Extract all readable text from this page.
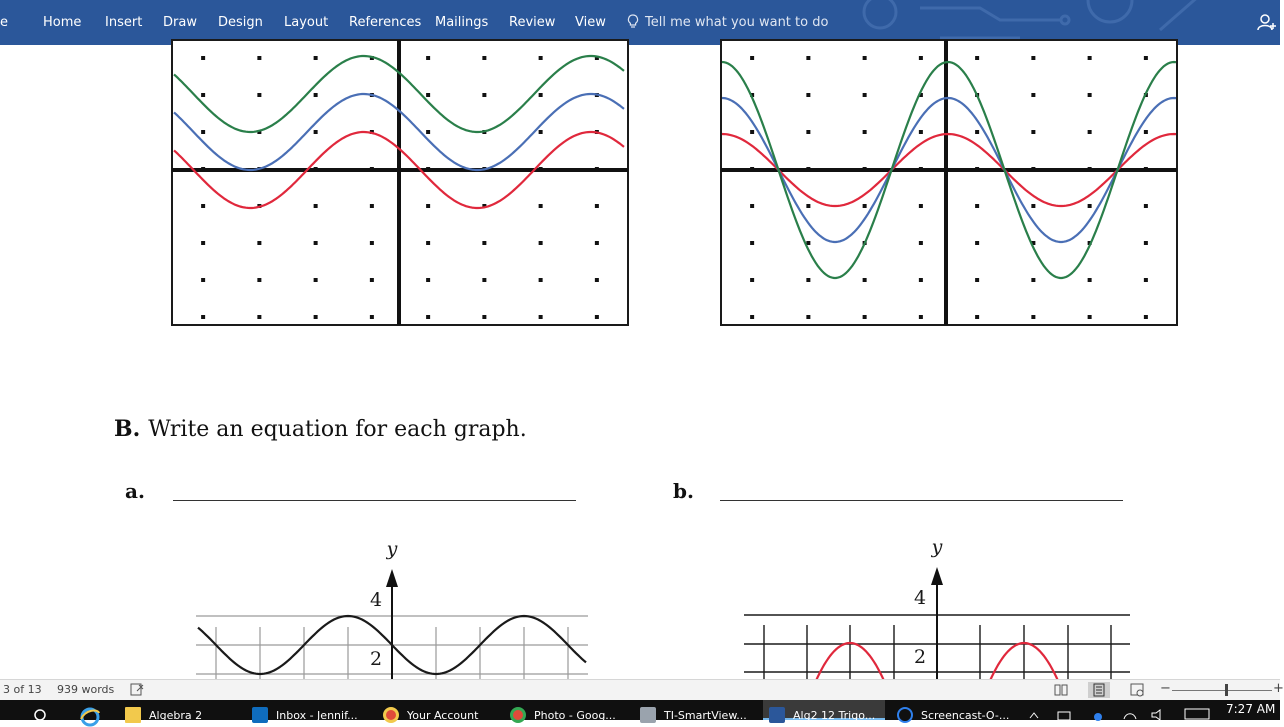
e	Home Insert Draw Design Layout References Mailings Review View	Tell me what you want to do
B. Write an equation for each graph.
a.	b.
y
4
2
y
4
2
3 of 13 939 words	−	+
Algebra 2	Inbox - Jennif...	Your Account	Photo - Goog...	TI-SmartView...	Alg2 12 Trigo...	Screencast-O-...	7:27 AM
